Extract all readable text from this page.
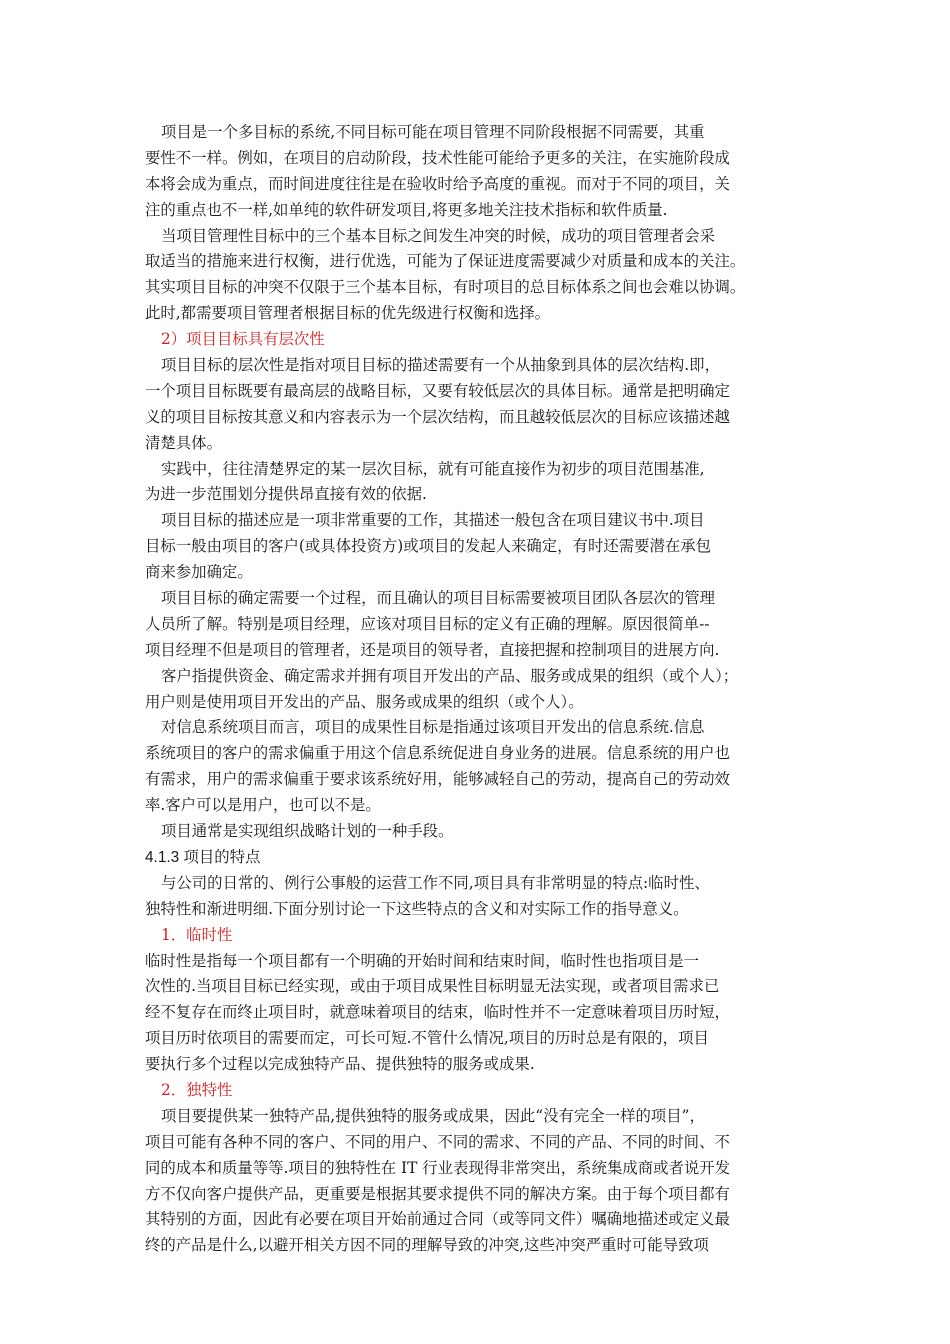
项目是一个多目标的系统,不同目标可能在项目管理不同阶段根据不同需要，其重
要性不一样。例如，在项目的启动阶段，技术性能可能给予更多的关注，在实施阶段成
本将会成为重点，而时间进度往往是在验收时给予高度的重视。而对于不同的项目，关
注的重点也不一样,如单纯的软件研发项目,将更多地关注技术指标和软件质量.
当项目管理性目标中的三个基本目标之间发生冲突的时候，成功的项目管理者会采
取适当的措施来进行权衡，进行优选，可能为了保证进度需要减少对质量和成本的关注。
其实项目目标的冲突不仅限于三个基本目标，有时项目的总目标体系之间也会难以协调。
此时,都需要项目管理者根据目标的优先级进行权衡和选择。
2）项目目标具有层次性
项目目标的层次性是指对项目目标的描述需要有一个从抽象到具体的层次结构.即，
一个项目目标既要有最高层的战略目标，又要有较低层次的具体目标。通常是把明确定
义的项目目标按其意义和内容表示为一个层次结构，而且越较低层次的目标应该描述越
清楚具体。
实践中，往往清楚界定的某一层次目标，就有可能直接作为初步的项目范围基准,
为进一步范围划分提供昂直接有效的依据.
项目目标的描述应是一项非常重要的工作，其描述一般包含在项目建议书中.项目
目标一般由项目的客户(或具体投资方)或项目的发起人来确定，有时还需要潜在承包
商来参加确定。
项目目标的确定需要一个过程，而且确认的项目目标需要被项目团队各层次的管理
人员所了解。特别是项目经理，应该对项目目标的定义有正确的理解。原因很简单--
项目经理不但是项目的管理者，还是项目的领导者，直接把握和控制项目的进展方向.
客户指提供资金、确定需求并拥有项目开发出的产品、服务或成果的组织（或个人）；
用户则是使用项目开发出的产品、服务或成果的组织（或个人）。
对信息系统项目而言，项目的成果性目标是指通过该项目开发出的信息系统.信息
系统项目的客户的需求偏重于用这个信息系统促进自身业务的进展。信息系统的用户也
有需求，用户的需求偏重于要求该系统好用，能够减轻自己的劳动，提高自己的劳动效
率.客户可以是用户，也可以不是。
项目通常是实现组织战略计划的一种手段。
4.1.3 项目的特点
与公司的日常的、例行公事般的运营工作不同,项目具有非常明显的特点:临时性、
独特性和渐进明细.下面分别讨论一下这些特点的含义和对实际工作的指导意义。
1．临时性
临时性是指每一个项目都有一个明确的开始时间和结束时间，临时性也指项目是一
次性的.当项目目标已经实现，或由于项目成果性目标明显无法实现，或者项目需求已
经不复存在而终止项目时，就意味着项目的结束，临时性并不一定意味着项目历时短，
项目历时依项目的需要而定，可长可短.不管什么情况,项目的历时总是有限的，项目
要执行多个过程以完成独特产品、提供独特的服务或成果.
2．独特性
项目要提供某一独特产品,提供独特的服务或成果，因此“没有完全一样的项目”，
项目可能有各种不同的客户、不同的用户、不同的需求、不同的产品、不同的时间、不
同的成本和质量等等.项目的独特性在 IT 行业表现得非常突出，系统集成商或者说开发
方不仅向客户提供产品，更重要是根据其要求提供不同的解决方案。由于每个项目都有
其特别的方面，因此有必要在项目开始前通过合同（或等同文件）嘱确地描述或定义最
终的产品是什么,以避开相关方因不同的理解导致的冲突,这些冲突严重时可能导致项
